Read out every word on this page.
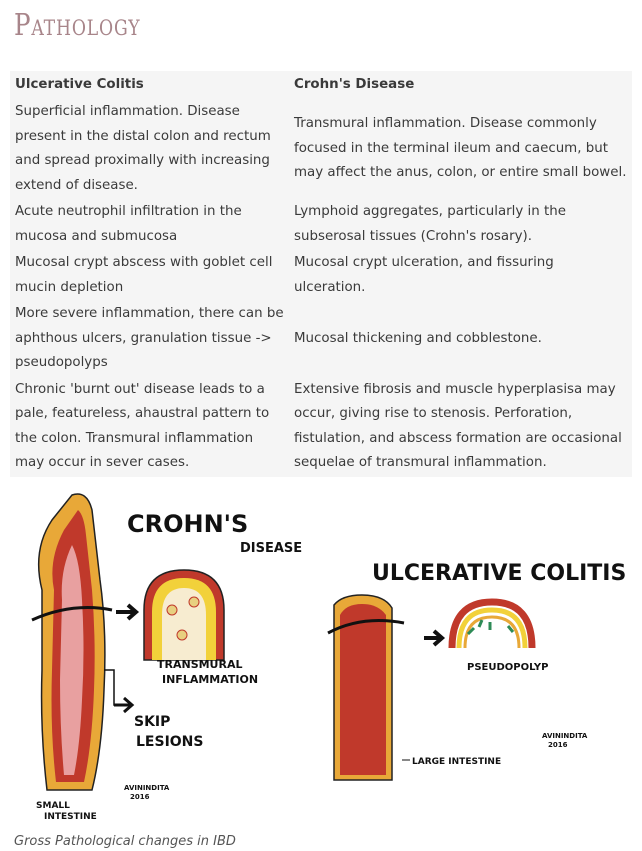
Pathology
Ulcerative Colitis	Crohn's Disease
Superficial inflammation. Disease present in the distal colon and rectum and spread proximally with increasing extend of disease.	Transmural inflammation. Disease commonly focused in the terminal ileum and caecum, but may affect the anus, colon, or entire small bowel.
Acute neutrophil infiltration in the mucosa and submucosa	Lymphoid aggregates, particularly in the subserosal tissues (Crohn's rosary).
Mucosal crypt abscess with goblet cell mucin depletion	Mucosal crypt ulceration, and fissuring ulceration.
More severe inflammation, there can be aphthous ulcers, granulation tissue -> pseudopolyps	Mucosal thickening and cobblestone.
Chronic 'burnt out' disease leads to a pale, featureless, ahaustral pattern to the colon. Transmural inflammation may occur in sever cases.	Extensive fibrosis and muscle hyperplasisa may occur, giving rise to stenosis. Perforation, fistulation, and abscess formation are occasional sequelae of transmural inflammation.
CROHN'S
DISEASE
TRANSMURAL
INFLAMMATION
SKIP
LESIONS
SMALL
INTESTINE
AVININDITA
2016
ULCERATIVE COLITIS
PSEUDOPOLYP
LARGE INTESTINE
AVININDITA
2016

Gross Pathological changes in IBD
